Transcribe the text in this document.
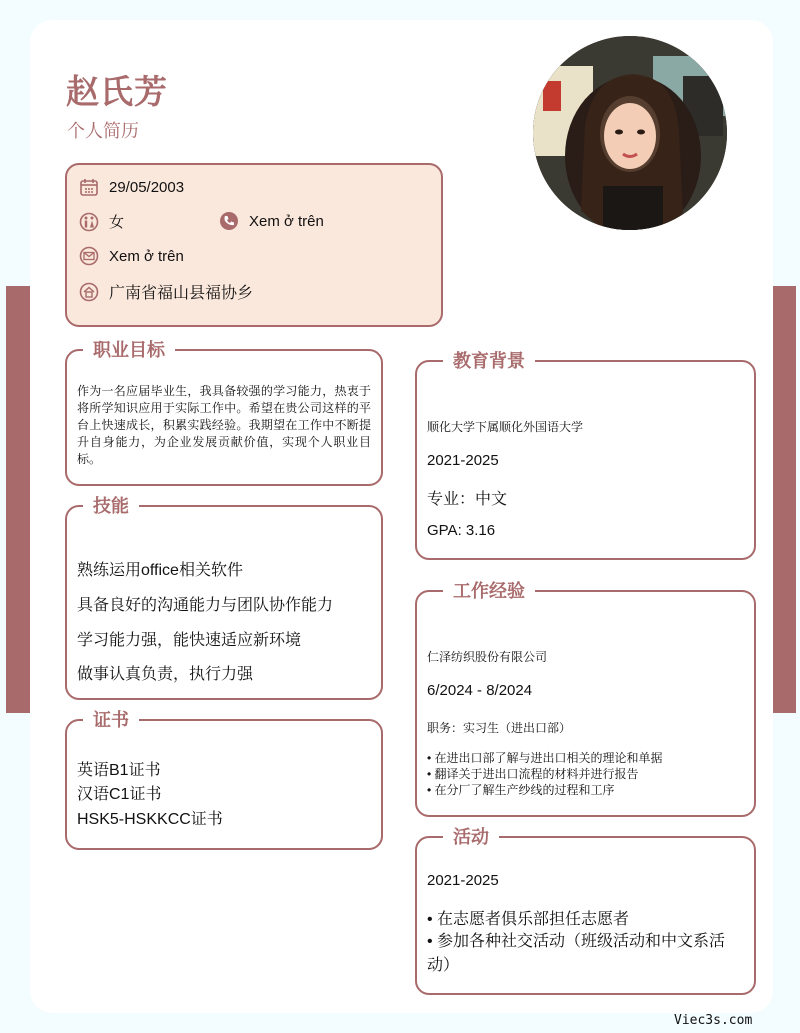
赵氏芳
个人简历
29/05/2003
女	Xem ở trên
Xem ở trên
广南省福山县福协乡
职业目标
作为一名应届毕业生，我具备较强的学习能力，热衷于将所学知识应用于实际工作中。希望在贵公司这样的平台上快速成长，积累实践经验。我期望在工作中不断提升自身能力，为企业发展贡献价值，实现个人职业目标。
技能
熟练运用office相关软件
具备良好的沟通能力与团队协作能力
学习能力强，能快速适应新环境
做事认真负责，执行力强
证书
英语B1证书
汉语C1证书
HSK5-HSKKCC证书
教育背景
顺化大学下属顺化外国语大学
2021-2025
专业：中文
GPA: 3.16
工作经验
仁泽纺织股份有限公司
6/2024 - 8/2024
职务：实习生（进出口部）
• 在进出口部了解与进出口相关的理论和单据
• 翻译关于进出口流程的材料并进行报告
• 在分厂了解生产纱线的过程和工序
活动
2021-2025
• 在志愿者俱乐部担任志愿者
• 参加各种社交活动（班级活动和中文系活动）
Viec3s.com
